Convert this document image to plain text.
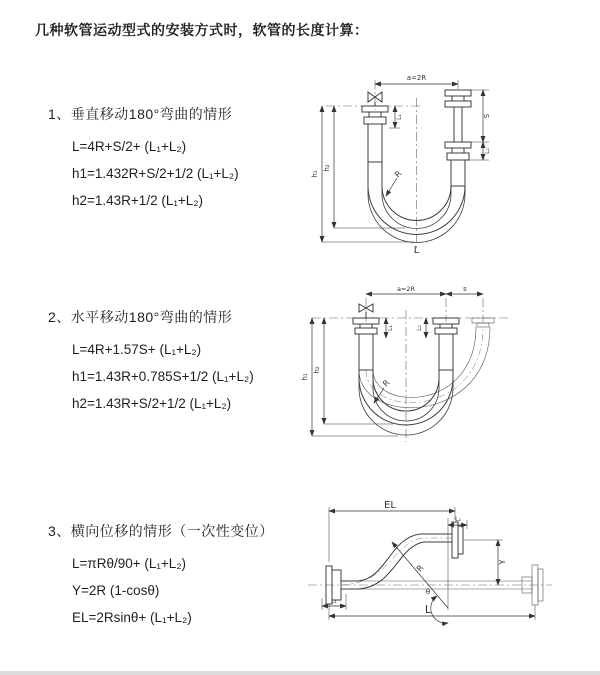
几种软管运动型式的安装方式时，软管的长度计算：
1、垂直移动180°弯曲的情形
L=4R+S/2+ (L₁+L₂)
h1=1.432R+S/2+1/2 (L₁+L₂)
h2=1.43R+1/2 (L₁+L₂)
2、水平移动180°弯曲的情形
L=4R+1.57S+ (L₁+L₂)
h1=1.43R+0.785S+1/2 (L₁+L₂)
h2=1.43R+S/2+1/2 (L₁+L₂)
3、横向位移的情形（一次性变位）
L=πRθ/90+ (L₁+L₂)
Y=2R (1-cosθ)
EL=2Rsinθ+ (L₁+L₂)
a=2R
h₁
h₂
L₁	S
L₂
R
L
a=2R	s
h₁
h₂
L₁	L₂
R
R
θ
EL
L₂
Y
L
L₁
